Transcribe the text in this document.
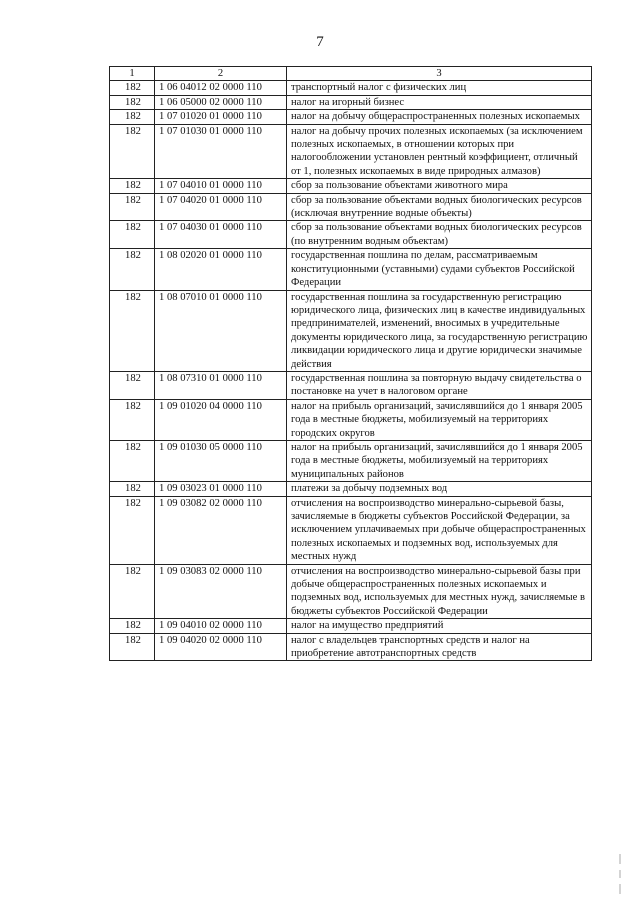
7
1	2	3
182	1 06 04012 02 0000 110	транспортный налог с физических лиц
182	1 06 05000 02 0000 110	налог на игорный бизнес
182	1 07 01020 01 0000 110	налог на добычу общераспространенных полезных ископаемых
182	1 07 01030 01 0000 110	налог на добычу прочих полезных ископаемых (за исключением полезных ископаемых, в отношении которых при налогообложении установлен рентный коэффициент, отличный от 1, полезных ископаемых в виде природных алмазов)
182	1 07 04010 01 0000 110	сбор за пользование объектами животного мира
182	1 07 04020 01 0000 110	сбор за пользование объектами водных биологических ресурсов (исключая внутренние водные объекты)
182	1 07 04030 01 0000 110	сбор за пользование объектами водных биологических ресурсов (по внутренним водным объектам)
182	1 08 02020 01 0000 110	государственная пошлина по делам, рассматриваемым конституционными (уставными) судами субъектов Российской Федерации
182	1 08 07010 01 0000 110	государственная пошлина за государственную регистрацию юридического лица, физических лиц в качестве индивидуальных предпринимателей, изменений, вносимых в учредительные документы юридического лица, за государственную регистрацию ликвидации юридического лица и другие юридически значимые действия
182	1 08 07310 01 0000 110	государственная пошлина за повторную выдачу свидетельства о постановке на учет в налоговом органе
182	1 09 01020 04 0000 110	налог на прибыль организаций, зачислявшийся до 1 января 2005 года в местные бюджеты, мобилизуемый на территориях городских округов
182	1 09 01030 05 0000 110	налог на прибыль организаций, зачислявшийся до 1 января 2005 года в местные бюджеты, мобилизуемый на территориях муниципальных районов
182	1 09 03023 01 0000 110	платежи за добычу подземных вод
182	1 09 03082 02 0000 110	отчисления на воспроизводство минерально-сырьевой базы, зачисляемые в бюджеты субъектов Российской Федерации, за исключением уплачиваемых при добыче общераспространенных полезных ископаемых и подземных вод, используемых для местных нужд
182	1 09 03083 02 0000 110	отчисления на воспроизводство минерально-сырьевой базы при добыче общераспространенных полезных ископаемых и подземных вод, используемых для местных нужд, зачисляемые в бюджеты субъектов Российской Федерации
182	1 09 04010 02 0000 110	налог на имущество предприятий
182	1 09 04020 02 0000 110	налог с владельцев транспортных средств и налог на приобретение автотранспортных средств
